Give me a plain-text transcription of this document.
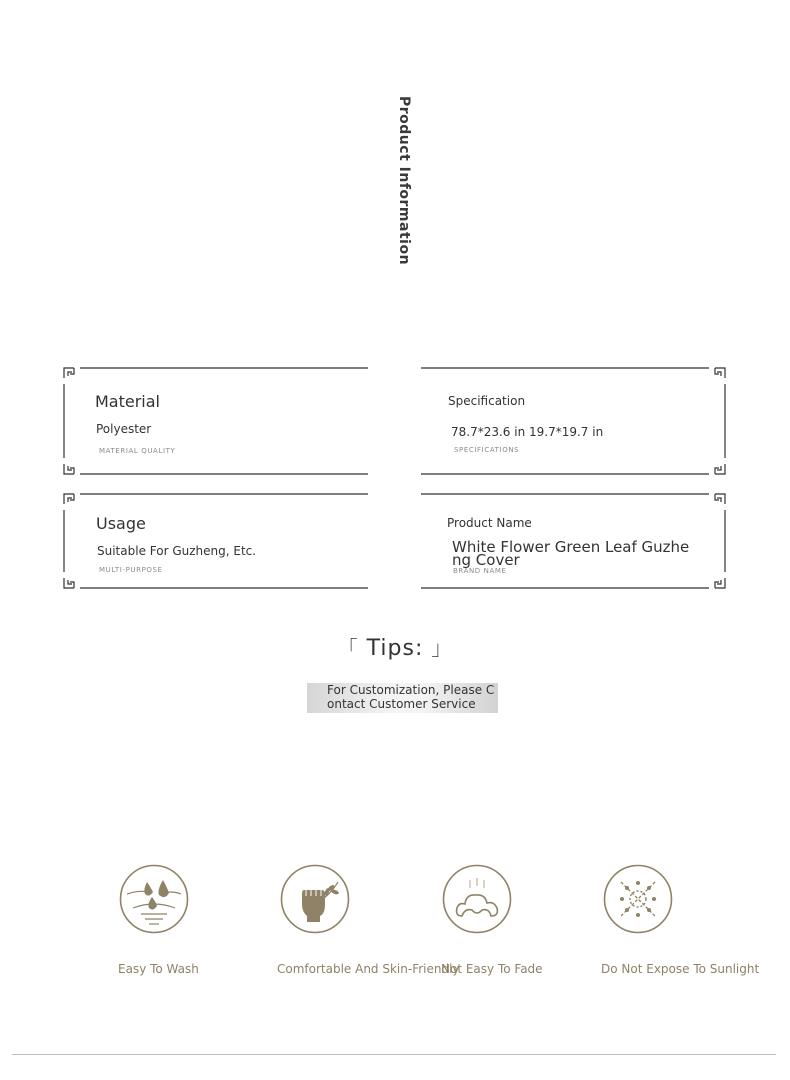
Product Information
Material
Polyester
MATERIAL QUALITY
Specification
78.7*23.6 in 19.7*19.7 in
SPECIFICATIONS
Usage
Suitable For Guzheng, Etc.
MULTI-PURPOSE
Product Name
White Flower Green Leaf Guzheng Cover
BRAND NAME
「 Tips: 」
For Customization, Please Contact Customer Service
Easy To Wash	Comfortable And Skin-Friendly
Not Easy To Fade	Do Not Expose To Sunlight
